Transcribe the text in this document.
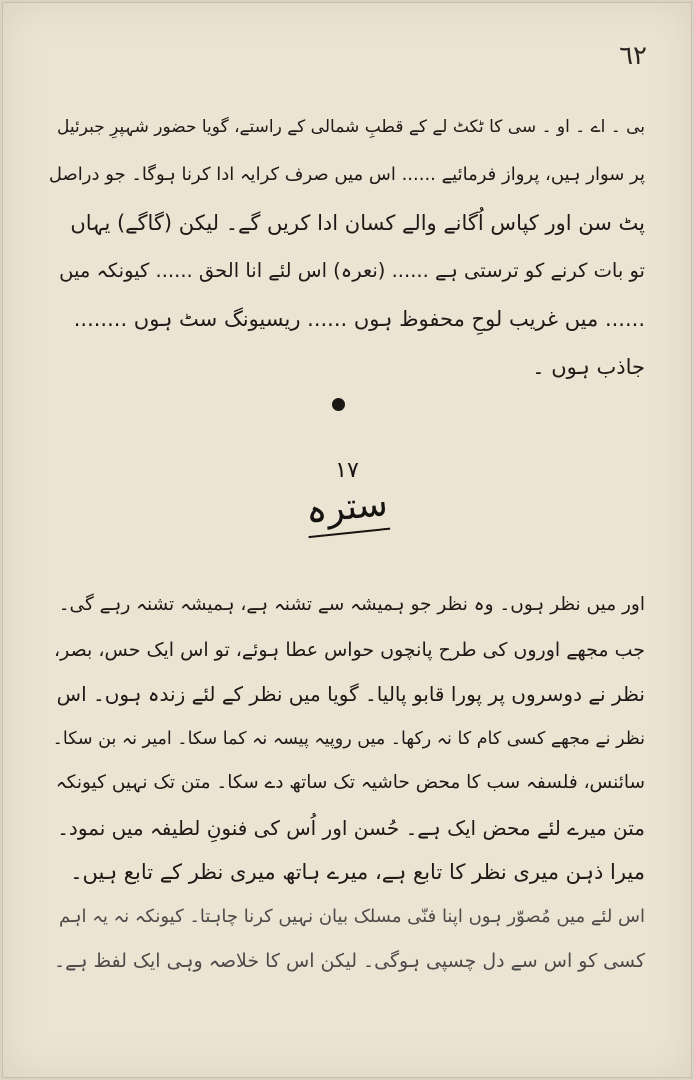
٦٢
بی ۔ اے ۔ او ۔ سی کا ٹکٹ لے کے قطبِ شمالی کے راستے، گویا حضور شہپرِ جبرئیل
پر سوار ہیں، پرواز فرمائیے ...... اس میں صرف کرایہ ادا کرنا ہوگا۔ جو دراصل
پٹ سن اور کپاس اُگانے والے کسان ادا کریں گے۔ لیکن (گاگے) یہاں
تو بات کرنے کو ترستی ہے ...... (نعرہ) اس لئے انا الحق ...... کیونکہ میں
...... میں غریب لوحِ محفوظ ہوں ...... ریسیونگ سٹ ہوں ........
جاذب ہوں ۔
١٧
سترہ
اور میں نظر ہوں۔ وہ نظر جو ہمیشہ سے تشنہ ہے، ہمیشہ تشنہ رہے گی۔
جب مجھے اوروں کی طرح پانچوں حواس عطا ہوئے، تو اس ایک حس، بصر،
نظر نے دوسروں پر پورا قابو پالیا۔ گویا میں نظر کے لئے زندہ ہوں۔ اس
نظر نے مجھے کسی کام کا نہ رکھا۔ میں روپیہ پیسہ نہ کما سکا۔ امیر نہ بن سکا۔
سائنس، فلسفہ سب کا محض حاشیہ تک ساتھ دے سکا۔ متن تک نہیں کیونکہ
متن میرے لئے محض ایک ہے۔ حُسن اور اُس کی فنونِ لطیفہ میں نمود۔
میرا ذہن میری نظر کا تابع ہے، میرے ہاتھ میری نظر کے تابع ہیں۔
اس لئے میں مُصوّر ہوں اپنا فنّی مسلک بیان نہیں کرنا چاہتا۔ کیونکہ نہ یہ اہم
کسی کو اس سے دل چسپی ہوگی۔ لیکن اس کا خلاصہ وہی ایک لفظ ہے۔
